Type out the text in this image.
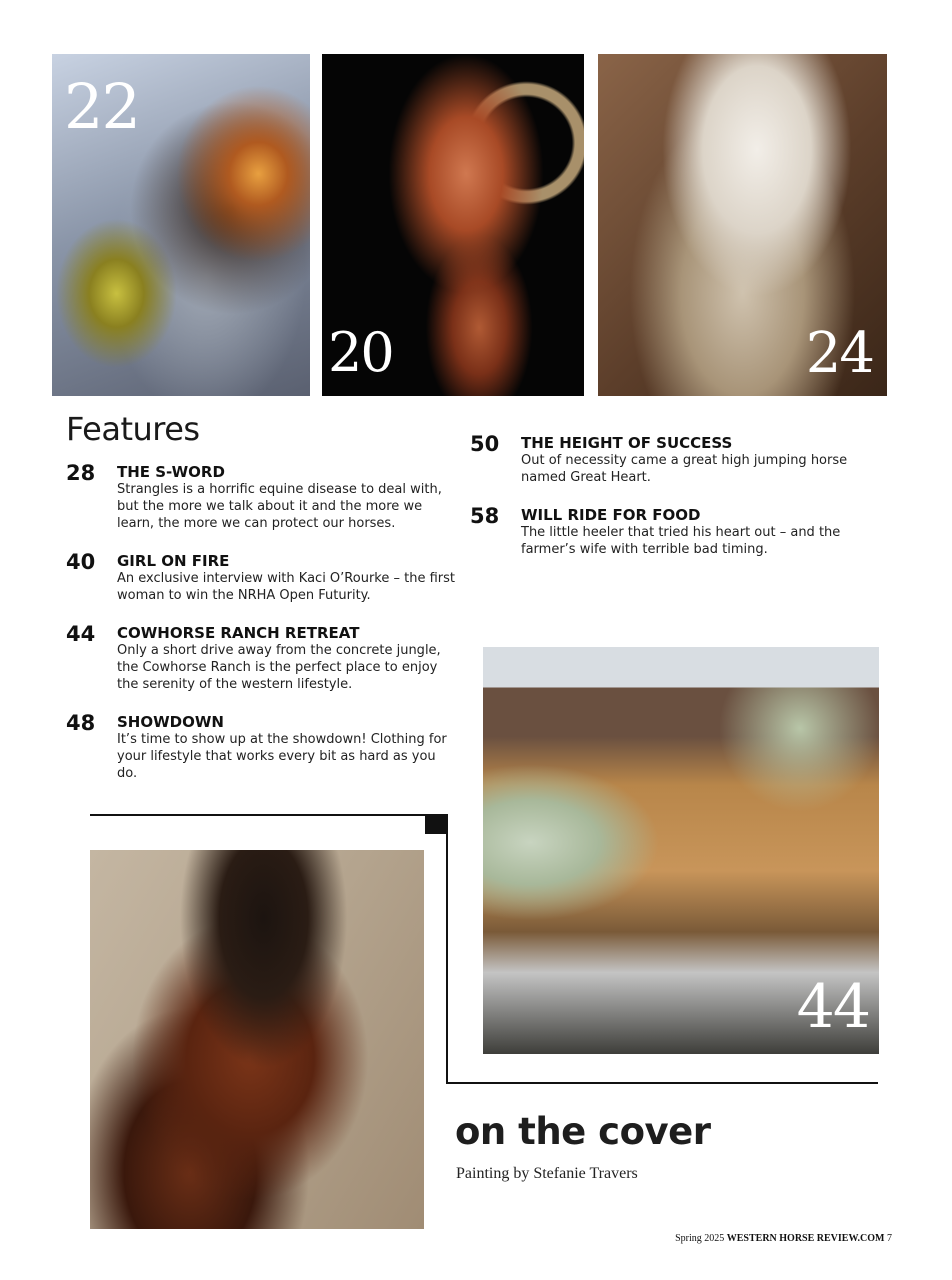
22
20	24
Features
28 THE S-WORD
Strangles is a horrific equine disease to deal with, but the more we talk about it and the more we learn, the more we can protect our horses.
40 GIRL ON FIRE
An exclusive interview with Kaci O’Rourke – the first woman to win the NRHA Open Futurity.
44 COWHORSE RANCH RETREAT
Only a short drive away from the concrete jungle, the Cowhorse Ranch is the perfect place to enjoy the serenity of the western lifestyle.
48 SHOWDOWN
It’s time to show up at the showdown! Clothing for your lifestyle that works every bit as hard as you do.
50 THE HEIGHT OF SUCCESS
Out of necessity came a great high jumping horse named Great Heart.
58 WILL RIDE FOR FOOD
The little heeler that tried his heart out – and the farmer’s wife with terrible bad timing.
44
on the cover
Painting by Stefanie Travers
Spring 2025 WESTERN HORSE REVIEW.COM 7
